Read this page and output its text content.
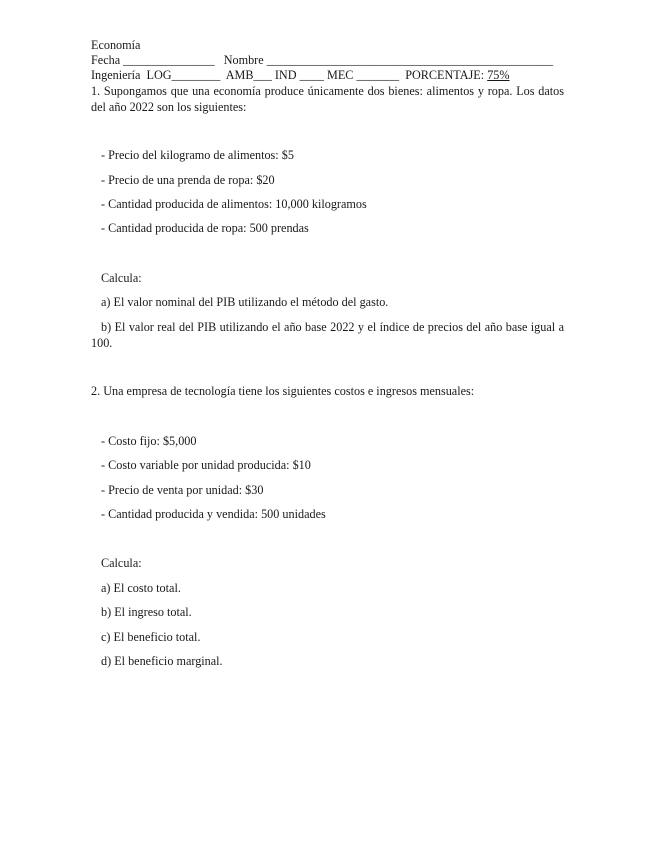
Economía
Fecha _______________ Nombre _______________________________________________
Ingeniería LOG________ AMB___ IND ____ MEC _______ PORCENTAJE: 75%
1. Supongamos que una economía produce únicamente dos bienes: alimentos y ropa. Los datos del año 2022 son los siguientes:
- Precio del kilogramo de alimentos: $5
- Precio de una prenda de ropa: $20
- Cantidad producida de alimentos: 10,000 kilogramos
- Cantidad producida de ropa: 500 prendas
Calcula:
a) El valor nominal del PIB utilizando el método del gasto.
b) El valor real del PIB utilizando el año base 2022 y el índice de precios del año base igual a 100.
2. Una empresa de tecnología tiene los siguientes costos e ingresos mensuales:
- Costo fijo: $5,000
- Costo variable por unidad producida: $10
- Precio de venta por unidad: $30
- Cantidad producida y vendida: 500 unidades
Calcula:
a) El costo total.
b) El ingreso total.
c) El beneficio total.
d) El beneficio marginal.
